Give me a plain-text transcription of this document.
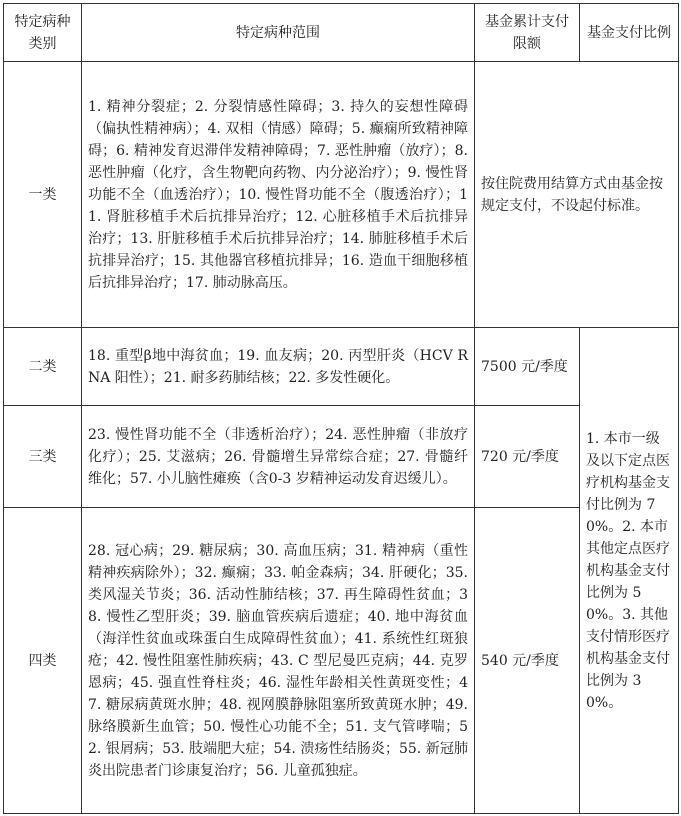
特定病种类别	特定病种范围	基金累计支付限额	基金支付比例
一类	1. 精神分裂症；2. 分裂情感性障碍；3. 持久的妄想性障碍（偏执性精神病）；4. 双相（情感）障碍；5. 癫痫所致精神障碍；6. 精神发育迟滞伴发精神障碍；7. 恶性肿瘤（放疗）；8. 恶性肿瘤（化疗，含生物靶向药物、内分泌治疗）；9. 慢性肾功能不全（血透治疗）；10. 慢性肾功能不全（腹透治疗）；11. 肾脏移植手术后抗排异治疗；12. 心脏移植手术后抗排异治疗；13. 肝脏移植手术后抗排异治疗；14. 肺脏移植手术后抗排异治疗；15. 其他器官移植抗排异；16. 造血干细胞移植后抗排异治疗；17. 肺动脉高压。	按住院费用结算方式由基金按规定支付，不设起付标准。	
二类	18. 重型β地中海贫血；19. 血友病；20. 丙型肝炎（HCV RNA 阳性）；21. 耐多药肺结核；22. 多发性硬化。	7500 元/季度	1. 本市一级及以下定点医疗机构基金支付比例为 70%。2. 本市其他定点医疗机构基金支付比例为 50%。3. 其他支付情形医疗机构基金支付比例为 30%。
三类	23. 慢性肾功能不全（非透析治疗）；24. 恶性肿瘤（非放疗化疗）；25. 艾滋病；26. 骨髓增生异常综合症；27. 骨髓纤维化；57. 小儿脑性瘫痪（含0-3 岁精神运动发育迟缓儿）。	720 元/季度	
四类	28. 冠心病；29. 糖尿病；30. 高血压病；31. 精神病（重性精神疾病除外）；32. 癫痫；33. 帕金森病；34. 肝硬化；35. 类风湿关节炎；36. 活动性肺结核；37. 再生障碍性贫血；38. 慢性乙型肝炎；39. 脑血管疾病后遗症；40. 地中海贫血（海洋性贫血或珠蛋白生成障碍性贫血）；41. 系统性红斑狼疮；42. 慢性阻塞性肺疾病；43. C 型尼曼匹克病；44. 克罗恩病；45. 强直性脊柱炎；46. 湿性年龄相关性黄斑变性；47. 糖尿病黄斑水肿；48. 视网膜静脉阻塞所致黄斑水肿；49. 脉络膜新生血管；50. 慢性心功能不全；51. 支气管哮喘；52. 银屑病；53. 肢端肥大症；54. 溃疡性结肠炎；55. 新冠肺炎出院患者门诊康复治疗；56. 儿童孤独症。	540 元/季度	
